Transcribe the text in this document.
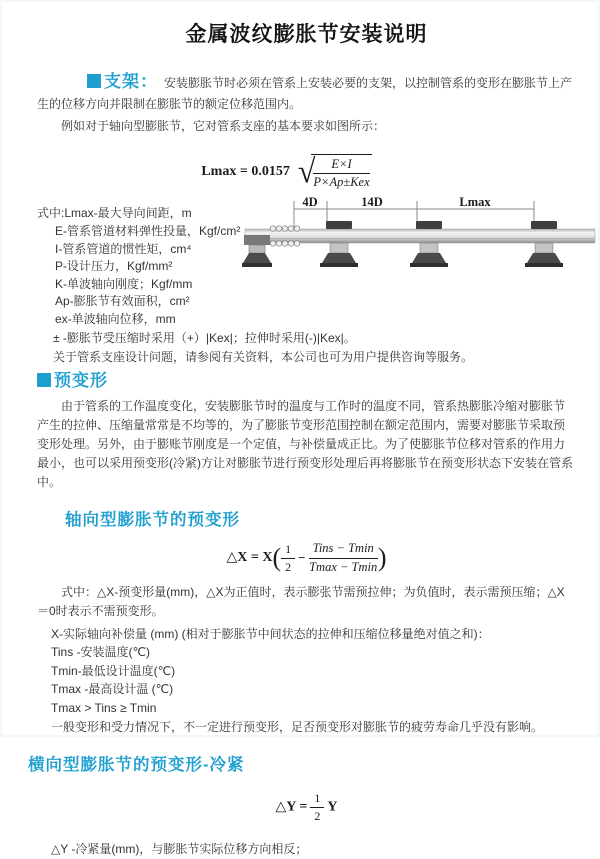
金属波纹膨胀节安装说明

支架： 安装膨胀节时必须在管系上安装必要的支架，以控制管系的变形在膨胀节上产生的位移方向并限制在膨胀节的额定位移范围内。

例如对于轴向型膨胀节，它对管系支座的基本要求如图所示：

Lmax = 0.0157 √
$\frac{E\times I}{\text{P×Ap±Kex}}$
式中:Lmax-最大导向间距，m
E-管系管道材料弹性投量，Kgf/cm²
I-管系管道的惯性矩，cm⁴
P-设计压力，Kgf/mm²
K-单波轴向刚度；Kgf/mm
Ap-膨胀节有效面积，cm²
ex-单波轴向位移，mm
± -膨胀节受压缩时采用（+）|Kex|；拉伸时采用(-)|Kex|。
关于管系支座设计问题，请参阅有关资料，本公司也可为用户提供咨询等服务。
4D	14D	Lmax

预变形

由于管系的工作温度变化，安装膨胀节时的温度与工作时的温度不同，管系热膨胀冷缩对膨胀节产生的拉伸、压缩量常常是不均等的，为了膨胀节变形范围控制在额定范围内，需要对膨胀节采取预变形处理。另外，由于膨账节刚度是一个定值，与补偿量成正比。为了使膨胀节位移对管系的作用力最小，也可以采用预变形(冷紧)方让对膨胀节进行预变形处理后再将膨胀节在预变形状态下安装在管系中。

轴向型膨胀节的预变形
△X = $X( \frac{1}{2} - \frac{\text{Tins − Tmin}}{Tmax - Tmin}$ )

式中：△X-预变形量(mm)，△X为正值时，表示膨张节需预拉伸；为负值时，表示需预压缩；△X＝0时表示不需预变形。

X-实际轴向补偿量 (mm) (相对于膨胀节中间状态的拉伸和压缩位移量绝对值之和)：
Tins -安装温度(℃)
Tmin-最低设计温度(℃)
Tmax -最高设计温 (℃)
Tmax > Tins ≥ Tmin
一般变形和受力情况下，不一定进行预变形，足否预变形对膨胀节的疲劳寿命几乎没有影响。
横向型膨胀节的预变形-冷紧
△Y = $\frac{1}{2}$ Y
△Y -冷紧量(mm)，与膨胀节实际位移方向相反；
